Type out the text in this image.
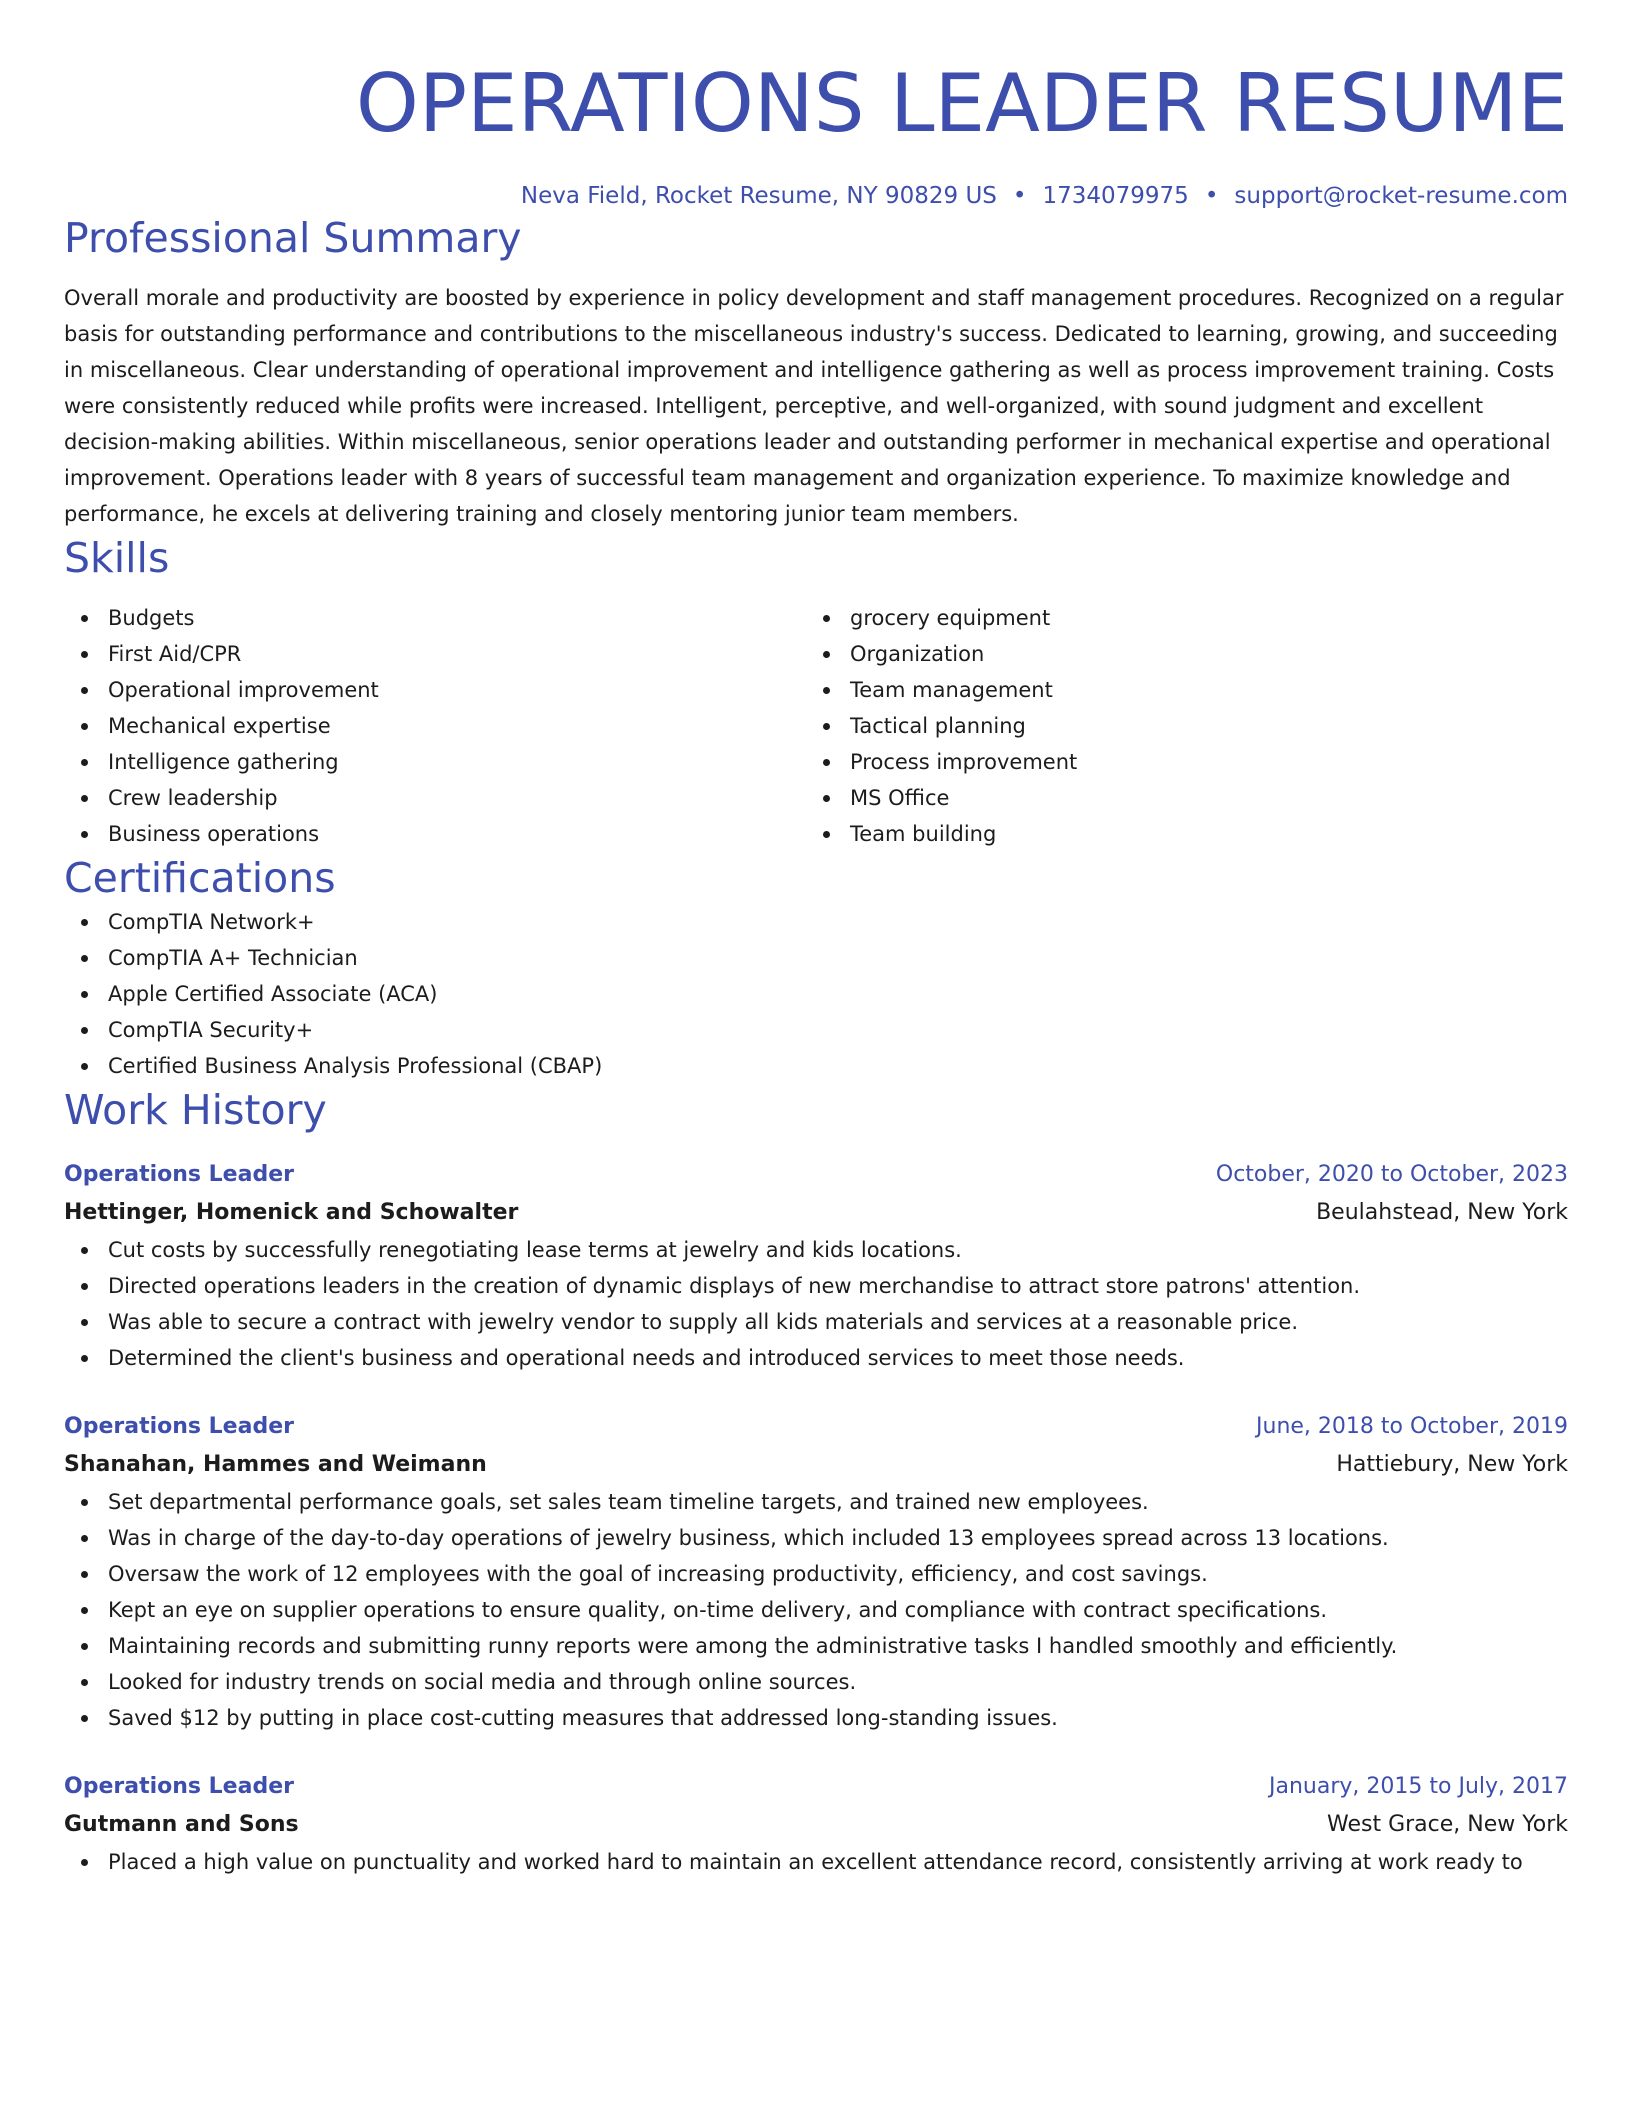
OPERATIONS LEADER RESUME
Neva Field, Rocket Resume, NY 90829 US • 1734079975 • support@rocket-resume.com
Professional Summary
Overall morale and productivity are boosted by experience in policy development and staff management procedures. Recognized on a regular basis for outstanding performance and contributions to the miscellaneous industry's success. Dedicated to learning, growing, and succeeding in miscellaneous. Clear understanding of operational improvement and intelligence gathering as well as process improvement training. Costs were consistently reduced while profits were increased. Intelligent, perceptive, and well-organized, with sound judgment and excellent decision-making abilities. Within miscellaneous, senior operations leader and outstanding performer in mechanical expertise and operational improvement. Operations leader with 8 years of successful team management and organization experience. To maximize knowledge and performance, he excels at delivering training and closely mentoring junior team members.
Skills
Budgets
First Aid/CPR
Operational improvement
Mechanical expertise
Intelligence gathering
Crew leadership
Business operations
grocery equipment
Organization
Team management
Tactical planning
Process improvement
MS Office
Team building
Certifications
CompTIA Network+
CompTIA A+ Technician
Apple Certified Associate (ACA)
CompTIA Security+
Certified Business Analysis Professional (CBAP)
Work History
Operations Leader	October, 2020 to October, 2023
Hettinger, Homenick and Schowalter	Beulahstead, New York
Cut costs by successfully renegotiating lease terms at jewelry and kids locations.
Directed operations leaders in the creation of dynamic displays of new merchandise to attract store patrons' attention.
Was able to secure a contract with jewelry vendor to supply all kids materials and services at a reasonable price.
Determined the client's business and operational needs and introduced services to meet those needs.
Operations Leader	June, 2018 to October, 2019
Shanahan, Hammes and Weimann	Hattiebury, New York
Set departmental performance goals, set sales team timeline targets, and trained new employees.
Was in charge of the day-to-day operations of jewelry business, which included 13 employees spread across 13 locations.
Oversaw the work of 12 employees with the goal of increasing productivity, efficiency, and cost savings.
Kept an eye on supplier operations to ensure quality, on-time delivery, and compliance with contract specifications.
Maintaining records and submitting runny reports were among the administrative tasks I handled smoothly and efficiently.
Looked for industry trends on social media and through online sources.
Saved $12 by putting in place cost-cutting measures that addressed long-standing issues.
Operations Leader	January, 2015 to July, 2017
Gutmann and Sons	West Grace, New York
Placed a high value on punctuality and worked hard to maintain an excellent attendance record, consistently arriving at work ready to
